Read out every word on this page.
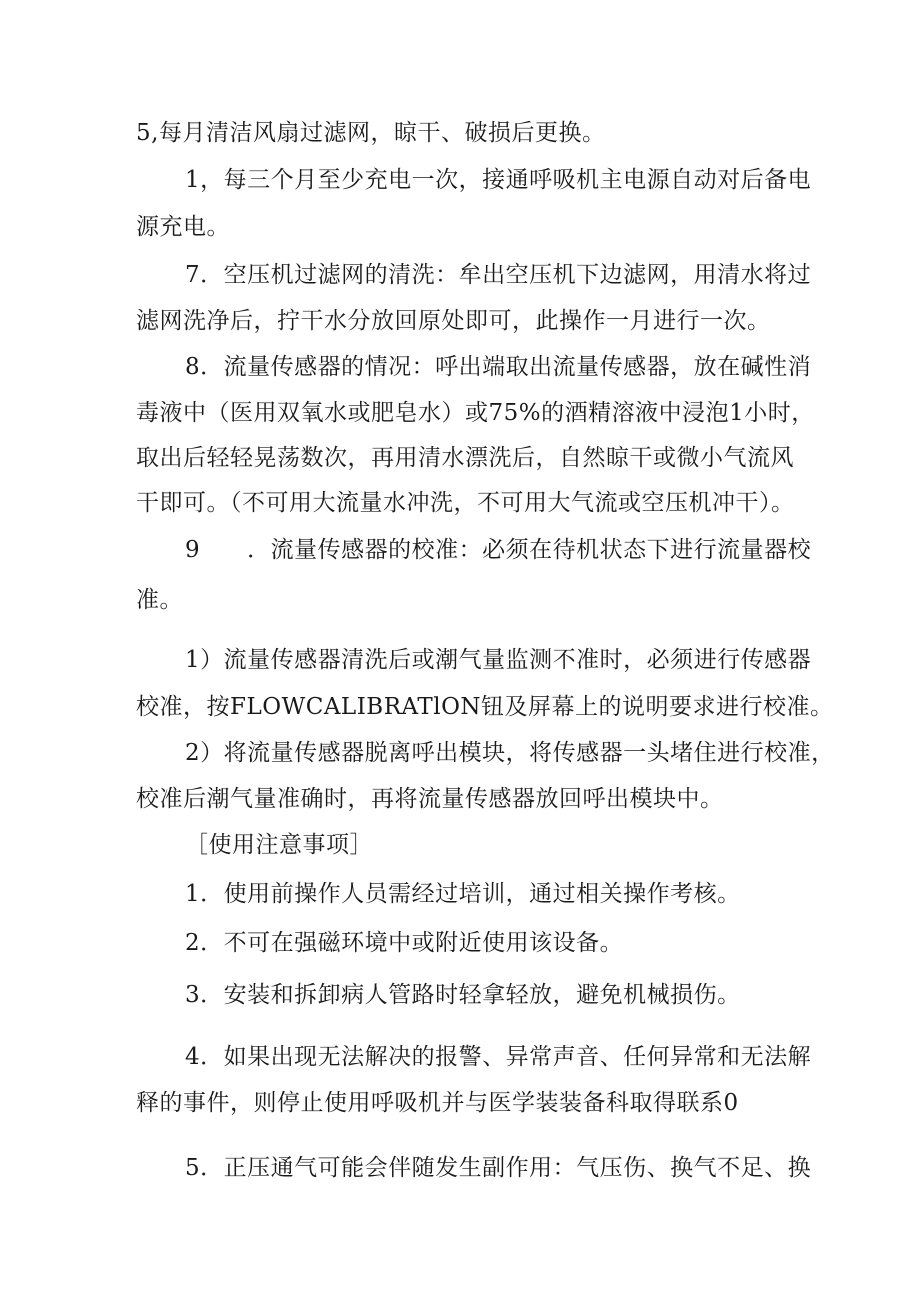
5,每月清洁风扇过滤网，晾干、破损后更换。

1，每三个月至少充电一次，接通呼吸机主电源自动对后备电

源充电。

7．空压机过滤网的清洗：牟出空压机下边滤网，用清水将过

滤网洗净后，拧干水分放回原处即可，此操作一月进行一次。

8．流量传感器的情况：呼出端取出流量传感器，放在碱性消

毒液中（医用双氧水或肥皂水）或75%的酒精溶液中浸泡1小时，

取出后轻轻晃荡数次，再用清水漂洗后，自然晾干或微小气流风

干即可。（不可用大流量水冲洗，不可用大气流或空压机冲干）。

9　　．流量传感器的校准：必须在待机状态下进行流量器校

准。

1）流量传感器清洗后或潮气量监测不准时，必须进行传感器

校准，按FLOWCALIBRATlON钮及屏幕上的说明要求进行校准。

2）将流量传感器脱离呼出模块，将传感器一头堵住进行校准，

校准后潮气量准确时，再将流量传感器放回呼出模块中。

［使用注意事项］

1．使用前操作人员需经过培训，通过相关操作考核。

2．不可在强磁环境中或附近使用该设备。

3．安装和拆卸病人管路时轻拿轻放，避免机械损伤。

4．如果出现无法解决的报警、异常声音、任何异常和无法解

释的事件，则停止使用呼吸机并与医学装装备科取得联系0

5．正压通气可能会伴随发生副作用：气压伤、换气不足、换
